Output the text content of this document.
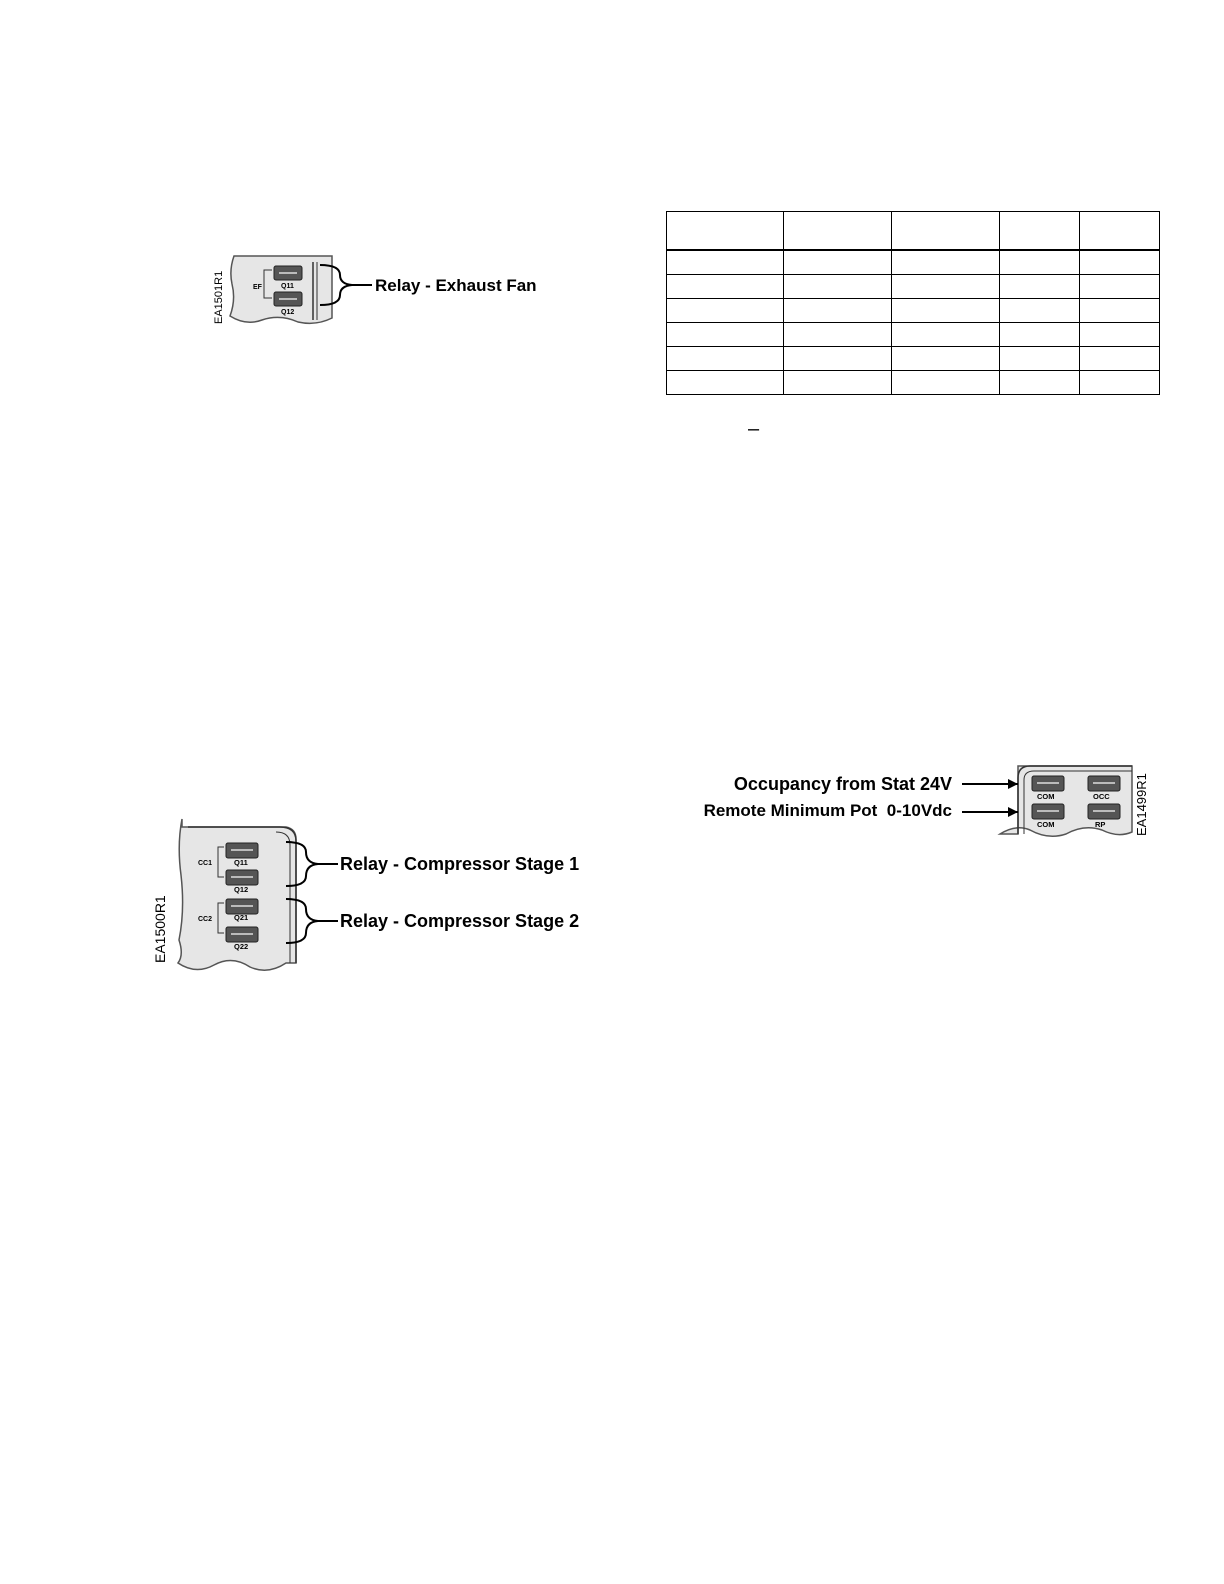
EF	Q11
Q12
Relay - Exhaust Fan
EA1501R1

–
CC1
CC2
Q11
Q12
Q21
Q22
Relay - Compressor Stage 1
Relay - Compressor Stage 2
EA1500R1
COM	OCC
COM	RP
Occupancy from Stat 24V
Remote Minimum Pot  0-10Vdc	EA1499R1
